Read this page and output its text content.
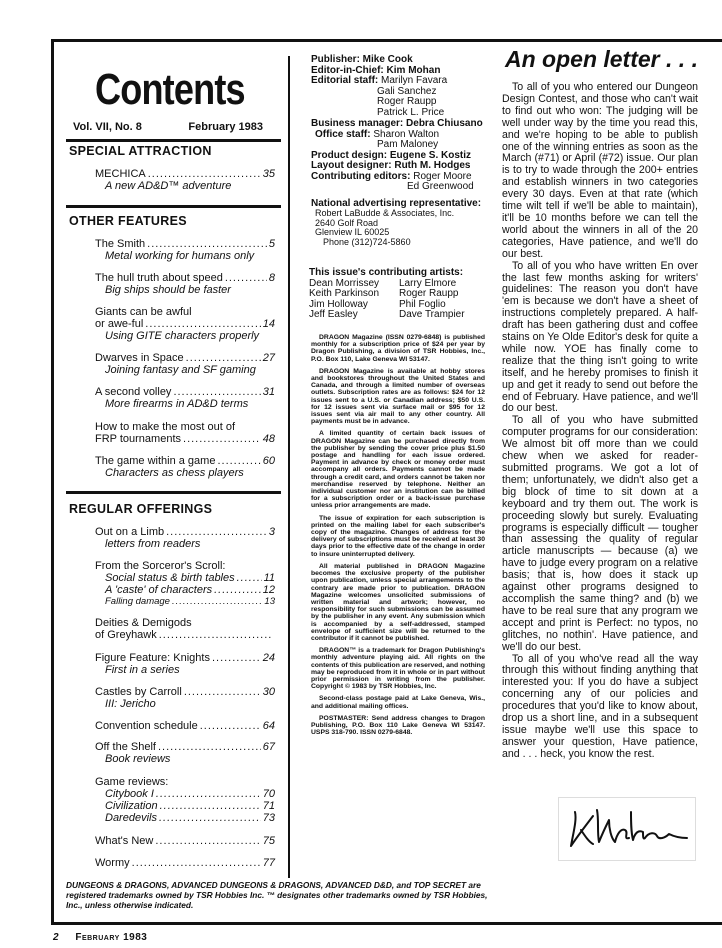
Contents
Vol. VII, No. 8	February 1983
SPECIAL ATTRACTION
MECHICA .....	35
A new AD&D™ adventure
OTHER FEATURES
The Smith .....	5
Metal working for humans only
The hull truth about speed .....	8
Big ships should be faster
Giants can be awful
or awe-ful .....	14
Using GITE characters properly
Dwarves in Space .....	27
Joining fantasy and SF gaming
A second volley .....	31
More firearms in AD&D terms
How to make the most out of
FRP tournaments .....	48
The game within a game .....	60
Characters as chess players
REGULAR OFFERINGS
Out on a Limb .....	3
letters from readers
From the Sorceror's Scroll:
Social status & birth tables .....	11
A 'caste' of characters .....	12
Falling damage .....	13
Deities & Demigods
of Greyhawk
.....
Figure Feature: Knights .....	24
First in a series
Castles by Carroll .....	30
III: Jericho
Convention schedule .....	64
Off the Shelf .....	67
Book reviews
Game reviews:
Citybook I .....	70
Civilization .....	71
Daredevils .....	73
What's New .....	75
Wormy .....	77
Publisher: Mike Cook
Editor-in-Chief: Kim Mohan
Editorial staff: Marilyn Favara
Gali Sanchez
Roger Raupp
Patrick L. Price
Business manager: Debra Chiusano
Office staff: Sharon Walton
Pam Maloney
Product design: Eugene S. Kostiz
Layout designer: Ruth M. Hodges
Contributing editors: Roger Moore
Ed Greenwood
National advertising representative:
Robert LaBudde & Associates, Inc.
2640 Golf Road
Glenview IL 60025
Phone (312)724-5860
This issue's contributing artists:
Dean Morrissey	Larry Elmore
Keith Parkinson	Roger Raupp
Jim Holloway	Phil Foglio
Jeff Easley	Dave Trampier

DRAGON Magazine (ISSN 0279-6848) is published monthly for a subscription price of $24 per year by Dragon Publishing, a division of TSR Hobbies, Inc., P.O. Box 110, Lake Geneva WI 53147.

DRAGON Magazine is available at hobby stores and bookstores throughout the United States and Canada, and through a limited number of overseas outlets. Subscription rates are as follows: $24 for 12 issues sent to a U.S. or Canadian address; $50 U.S. for 12 issues sent via surface mail or $95 for 12 issues sent via air mail to any other country. All payments must be in advance.

A limited quantity of certain back issues of DRAGON Magazine can be purchased directly from the publisher by sending the cover price plus $1.50 postage and handling for each issue ordered. Payment in advance by check or money order must accompany all orders. Payments cannot be made through a credit card, and orders cannot be taken nor merchandise reserved by telephone. Neither an individual customer nor an institution can be billed for a subscription order or a back-issue purchase unless prior arrangements are made.

The issue of expiration for each subscription is printed on the mailing label for each subscriber's copy of the magazine. Changes of address for the delivery of subscriptions must be received at least 30 days prior to the effective date of the change in order to insure uninterrupted delivery.

All material published in DRAGON Magazine becomes the exclusive property of the publisher upon publication, unless special arrangements to the contrary are made prior to publication. DRAGON Magazine welcomes unsolicited submissions of written material and artwork; however, no responsibility for such submissions can be assumed by the publisher in any event. Any submission which is accompanied by a self-addressed, stamped envelope of sufficient size will be returned to the contributor if it cannot be published.

DRAGON™ is a trademark for Dragon Publishing's monthly adventure playing aid. All rights on the contents of this publication are reserved, and nothing may be reproduced from it in whole or in part without prior permission in writing from the publisher. Copyright © 1983 by TSR Hobbies, Inc.

Second-class postage paid at Lake Geneva, Wis., and additional mailing offices.

POSTMASTER: Send address changes to Dragon Publishing, P.O. Box 110 Lake Geneva WI 53147. USPS 318-790. ISSN 0279-6848.

An open letter . . .

To all of you who entered our Dungeon Design Contest, and those who can't wait to find out who won: The judging will be well under way by the time you read this, and we're hoping to be able to publish one of the winning entries as soon as the March (#71) or April (#72) issue. Our plan is to try to wade through the 200+ entries and establish winners in two categories every 30 days. Even at that rate (which time wilt tell if we'll be able to maintain), it'll be 10 months before we can tell the world about the winners in all of the 20 categories, Have patience, and we'll do our best.

To all of you who have written En over the last few months asking for writers' guidelines: The reason you don't have 'em is because we don't have a sheet of instructions completely prepared. A half-draft has been gathering dust and coffee stains on Ye Olde Editor's desk for quite a while now. YOE has finally come to realize that the thing isn't going to write itself, and he hereby promises to finish it up and get it ready to send out before the end of February. Have patience, and we'll do our best.

To all of you who have submitted computer programs for our consideration: We almost bit off more than we could chew when we asked for reader-submitted programs. We got a lot of them; unfortunately, we didn't also get a big block of time to sit down at a keyboard and try them out. The work is proceeding slowly but surely. Evaluating programs is especially difficult — tougher than assessing the quality of regular article manuscripts — because (a) we have to judge every program on a relative basis; that is, how does it stack up against other programs designed to accomplish the same thing? and (b) we have to be real sure that any program we accept and print is Perfect: no typos, no glitches, no nothin'. Have patience, and we'll do our best.

To all of you who've read all the way through this without finding anything that interested you: If you do have a subject concerning any of our policies and procedures that you'd like to know about, drop us a short line, and in a subsequent issue maybe we'll use this space to answer your question, Have patience, and . . . heck, you know the rest.

DUNGEONS & DRAGONS, ADVANCED DUNGEONS & DRAGONS, ADVANCED D&D, and TOP SECRET are registered trademarks owned by TSR Hobbies Inc. ™ designates other trademarks owned by TSR Hobbies, Inc., unless otherwise indicated.
2 February 1983
